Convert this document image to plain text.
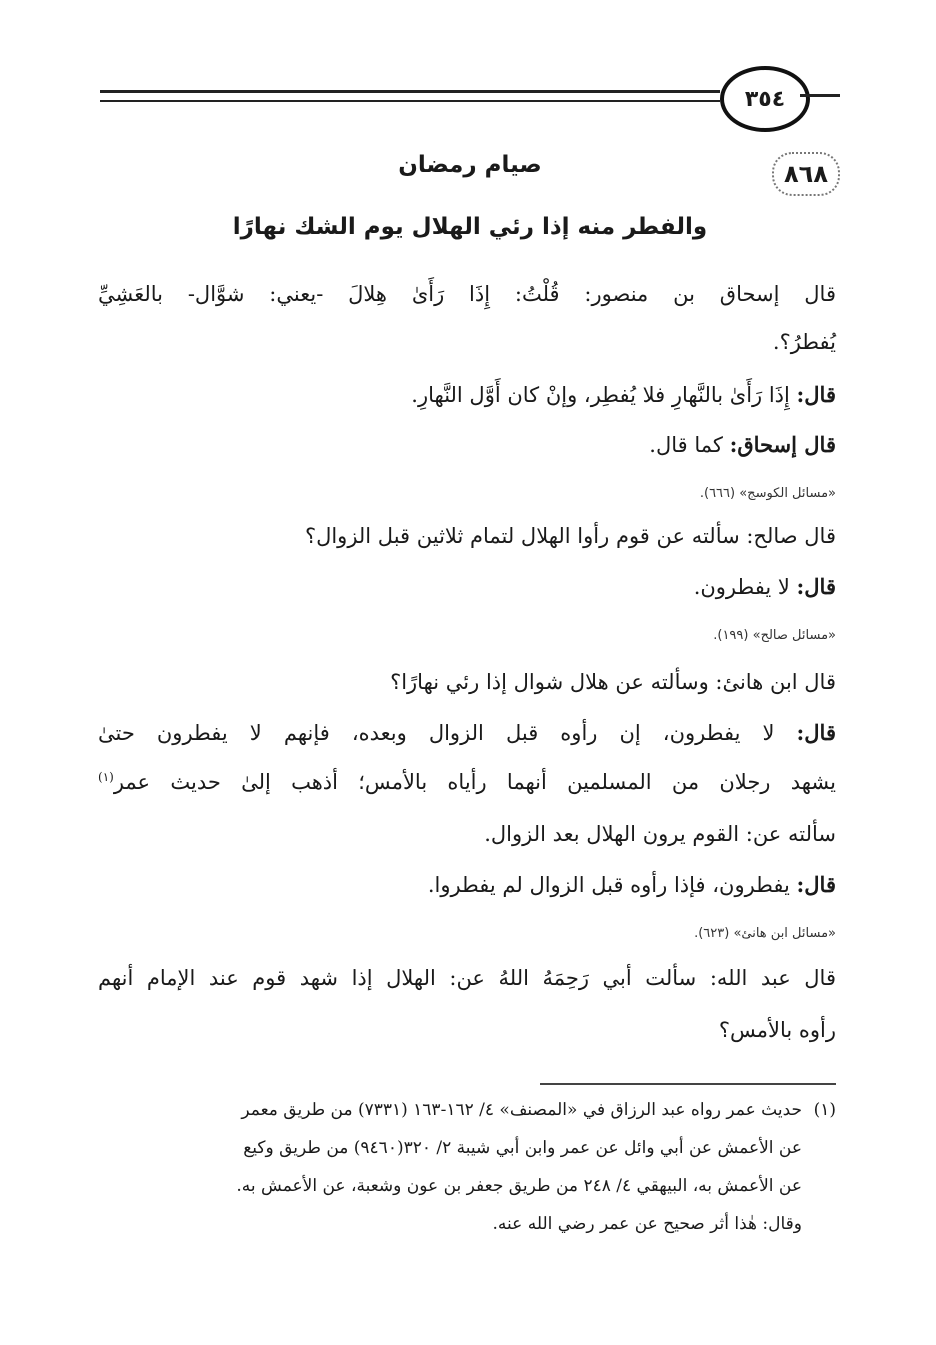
٣٥٤
٨٦٨
صيام رمضان
والفطر منه إذا رئي الهلال يوم الشك نهارًا
قال إسحاق بن منصور: قُلْتُ: إِذَا رَأَىٰ هِلالَ -يعني: شوَّال- بالعَشِيِّ
يُفطرُ؟.
قال: إِذَا رَأَىٰ بالنَّهارِ فلا يُفطِر، وإنْ كان أَوَّل النَّهارِ.
قال إسحاق: كما قال.
«مسائل الكوسج» (٦٦٦).
قال صالح: سألته عن قوم رأوا الهلال لتمام ثلاثين قبل الزوال؟
قال: لا يفطرون.
«مسائل صالح» (١٩٩).
قال ابن هانئ: وسألته عن هلال شوال إذا رئي نهارًا؟
قال: لا يفطرون، إن رأوه قبل الزوال وبعده، فإنهم لا يفطرون حتىٰ
يشهد رجلان من المسلمين أنهما رأياه بالأمس؛ أذهب إلىٰ حديث عمر$^{(١)}$
سألته عن: القوم يرون الهلال بعد الزوال.
قال: يفطرون، فإذا رأوه قبل الزوال لم يفطروا.
«مسائل ابن هانئ» (٦٢٣).
قال عبد الله: سألت أبي رَحِمَهُ اللهُ عن: الهلال إذا شهد قوم عند الإمام أنهم
رأوه بالأمس؟
(١)
حديث عمر رواه عبد الرزاق في «المصنف» ٤/ ١٦٢-١٦٣ (٧٣٣١) من طريق معمر
عن الأعمش عن أبي وائل عن عمر وابن أبي شيبة ٢/ ٣٢٠(٩٤٦٠) من طريق وكيع
عن الأعمش به، البيهقي ٤/ ٢٤٨ من طريق جعفر بن عون وشعبة، عن الأعمش به.
وقال: هٰذا أثر صحيح عن عمر رضي الله عنه.
